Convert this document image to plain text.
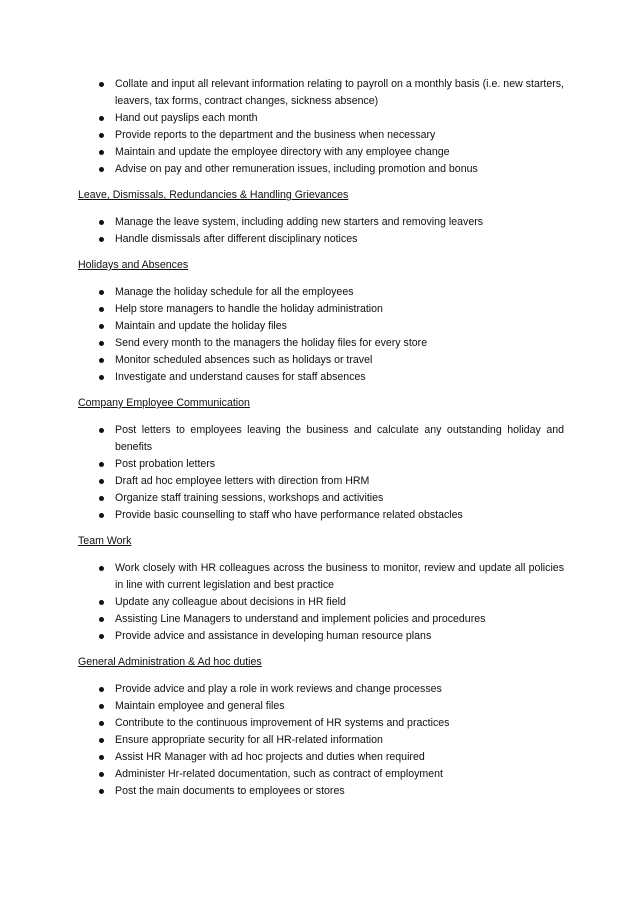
Collate and input all relevant information relating to payroll on a monthly basis (i.e. new starters, leavers, tax forms, contract changes, sickness absence)
Hand out payslips each month
Provide reports to the department and the business when necessary
Maintain and update the employee directory with any employee change
Advise on pay and other remuneration issues, including promotion and bonus

Leave, Dismissals, Redundancies & Handling Grievances

Manage the leave system, including adding new starters and removing leavers
Handle dismissals after different disciplinary notices

Holidays and Absences

Manage the holiday schedule for all the employees
Help store managers to handle the holiday administration
Maintain and update the holiday files
Send every month to the managers the holiday files for every store
Monitor scheduled absences such as holidays or travel
Investigate and understand causes for staff absences

Company Employee Communication

Post letters to employees leaving the business and calculate any outstanding holiday and benefits
Post probation letters
Draft ad hoc employee letters with direction from HRM
Organize staff training sessions, workshops and activities
Provide basic counselling to staff who have performance related obstacles

Team Work

Work closely with HR colleagues across the business to monitor, review and update all policies in line with current legislation and best practice
Update any colleague about decisions in HR field
Assisting Line Managers to understand and implement policies and procedures
Provide advice and assistance in developing human resource plans

General Administration & Ad hoc duties

Provide advice and play a role in work reviews and change processes
Maintain employee and general files
Contribute to the continuous improvement of HR systems and practices
Ensure appropriate security for all HR-related information
Assist HR Manager with ad hoc projects and duties when required
Administer Hr-related documentation, such as contract of employment
Post the main documents to employees or stores
